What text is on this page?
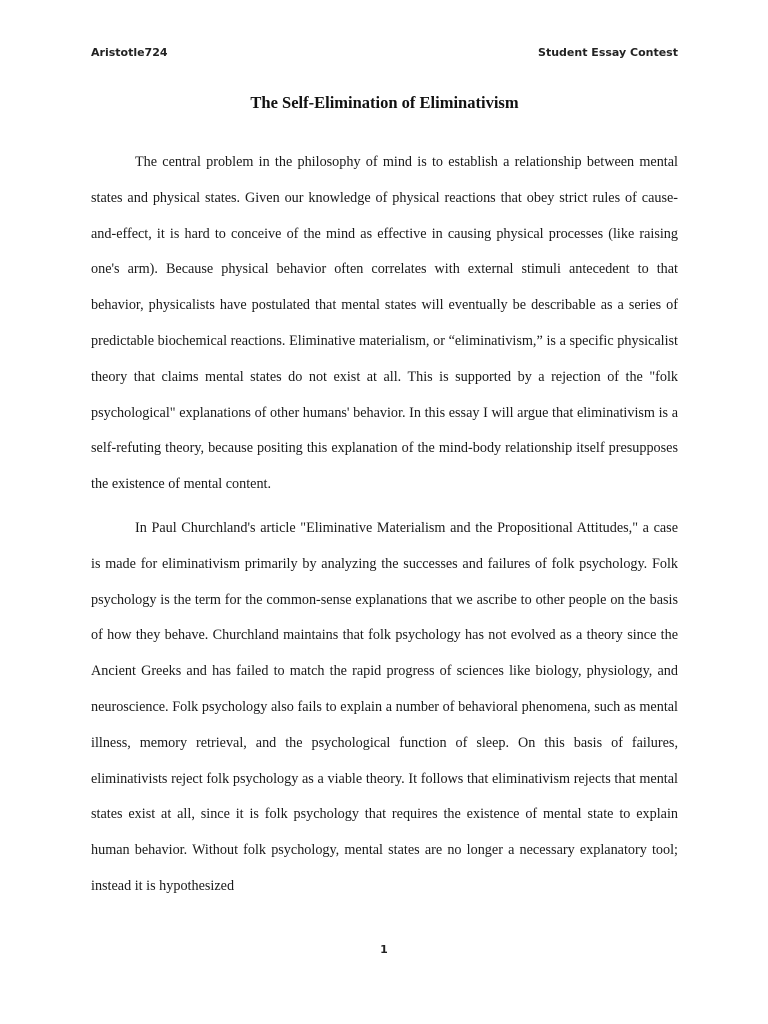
Aristotle724	Student Essay Contest
The Self-Elimination of Eliminativism

The central problem in the philosophy of mind is to establish a relationship between mental states and physical states. Given our knowledge of physical reactions that obey strict rules of cause-and-effect, it is hard to conceive of the mind as effective in causing physical processes (like raising one's arm). Because physical behavior often correlates with external stimuli antecedent to that behavior, physicalists have postulated that mental states will eventually be describable as a series of predictable biochemical reactions. Eliminative materialism, or “eliminativism,” is a specific physicalist theory that claims mental states do not exist at all. This is supported by a rejection of the "folk psychological" explanations of other humans' behavior. In this essay I will argue that eliminativism is a self-refuting theory, because positing this explanation of the mind-body relationship itself presupposes the existence of mental content.

In Paul Churchland's article "Eliminative Materialism and the Propositional Attitudes," a case is made for eliminativism primarily by analyzing the successes and failures of folk psychology. Folk psychology is the term for the common-sense explanations that we ascribe to other people on the basis of how they behave. Churchland maintains that folk psychology has not evolved as a theory since the Ancient Greeks and has failed to match the rapid progress of sciences like biology, physiology, and neuroscience. Folk psychology also fails to explain a number of behavioral phenomena, such as mental illness, memory retrieval, and the psychological function of sleep. On this basis of failures, eliminativists reject folk psychology as a viable theory. It follows that eliminativism rejects that mental states exist at all, since it is folk psychology that requires the existence of mental state to explain human behavior. Without folk psychology, mental states are no longer a necessary explanatory tool; instead it is hypothesized

1
